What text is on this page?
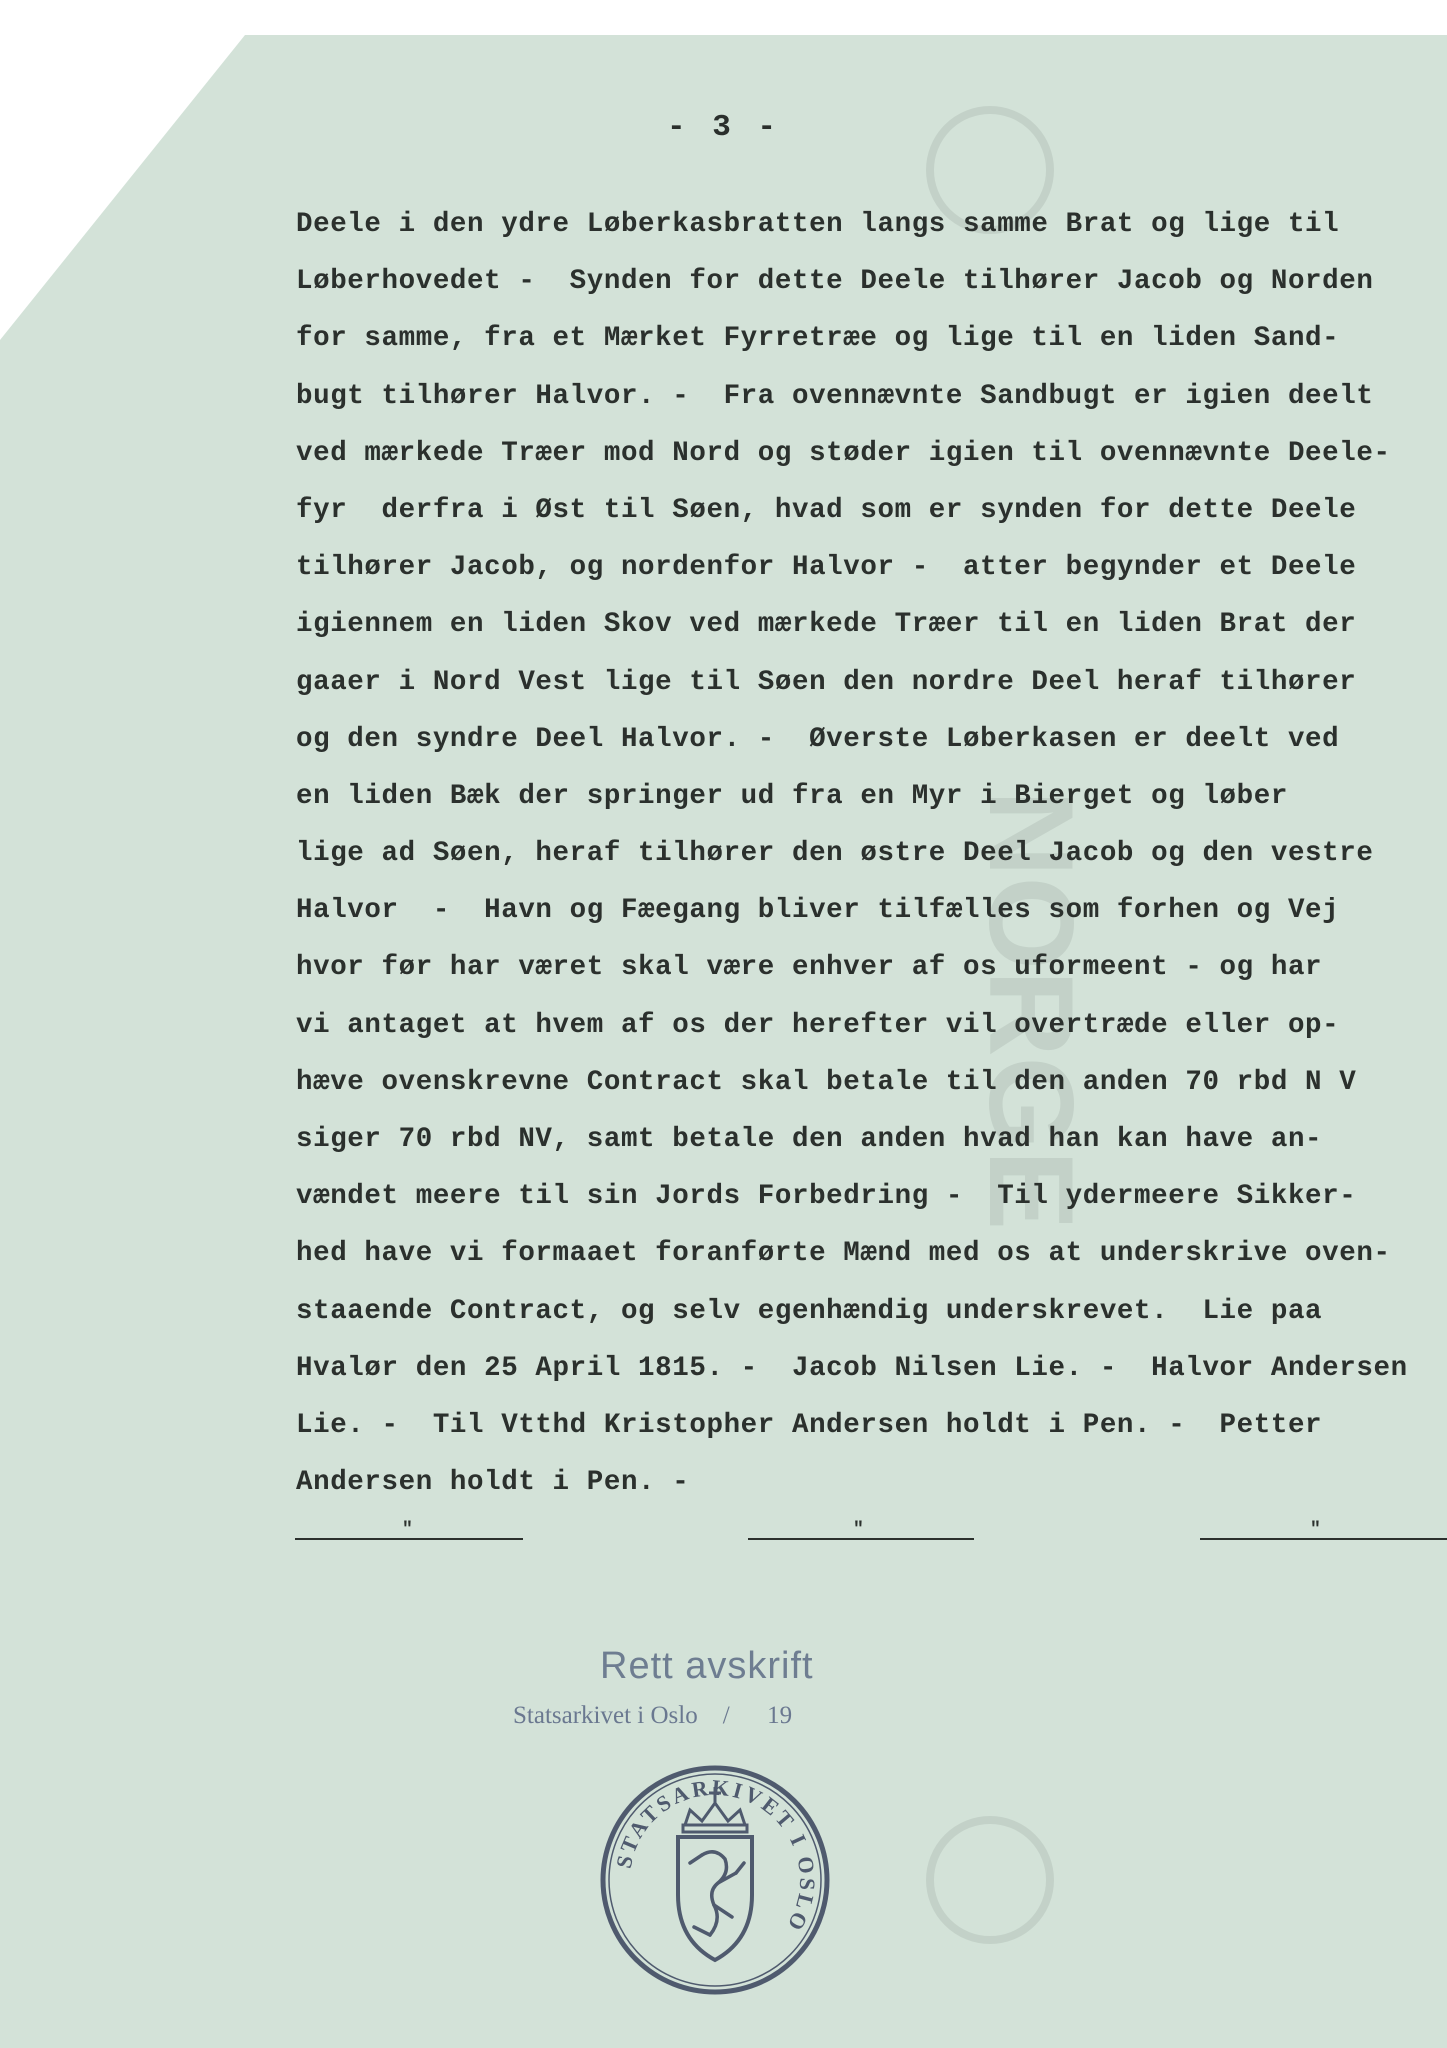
NORGE
- 3 -
Deele i den ydre Løberkasbratten langs samme Brat og lige til
Løberhovedet -  Synden for dette Deele tilhører Jacob og Norden
for samme, fra et Mærket Fyrretræe og lige til en liden Sand-
bugt tilhører Halvor. -  Fra ovennævnte Sandbugt er igien deelt
ved mærkede Træer mod Nord og støder igien til ovennævnte Deele-
fyr  derfra i Øst til Søen, hvad som er synden for dette Deele
tilhører Jacob, og nordenfor Halvor -  atter begynder et Deele
igiennem en liden Skov ved mærkede Træer til en liden Brat der
gaaer i Nord Vest lige til Søen den nordre Deel heraf tilhører
og den syndre Deel Halvor. -  Øverste Løberkasen er deelt ved
en liden Bæk der springer ud fra en Myr i Bierget og løber
lige ad Søen, heraf tilhører den østre Deel Jacob og den vestre
Halvor  -  Havn og Fæegang bliver tilfælles som forhen og Vej
hvor før har været skal være enhver af os uformeent - og har
vi antaget at hvem af os der herefter vil overtræde eller op-
hæve ovenskrevne Contract skal betale til den anden 70 rbd N V
siger 70 rbd NV, samt betale den anden hvad han kan have an-
vændet meere til sin Jords Forbedring -  Til ydermeere Sikker-
hed have vi formaaet foranførte Mænd med os at underskrive oven-
staaende Contract, og selv egenhændig underskrevet.  Lie paa
Hvalør den 25 April 1815. -  Jacob Nilsen Lie. -  Halvor Andersen
Lie. -  Til Vtthd Kristopher Andersen holdt i Pen. -  Petter
Andersen holdt i Pen. -
"	"	"
Rett avskrift
Statsarkivet i Oslo    /      19
STATSARKIVET I OSLO
